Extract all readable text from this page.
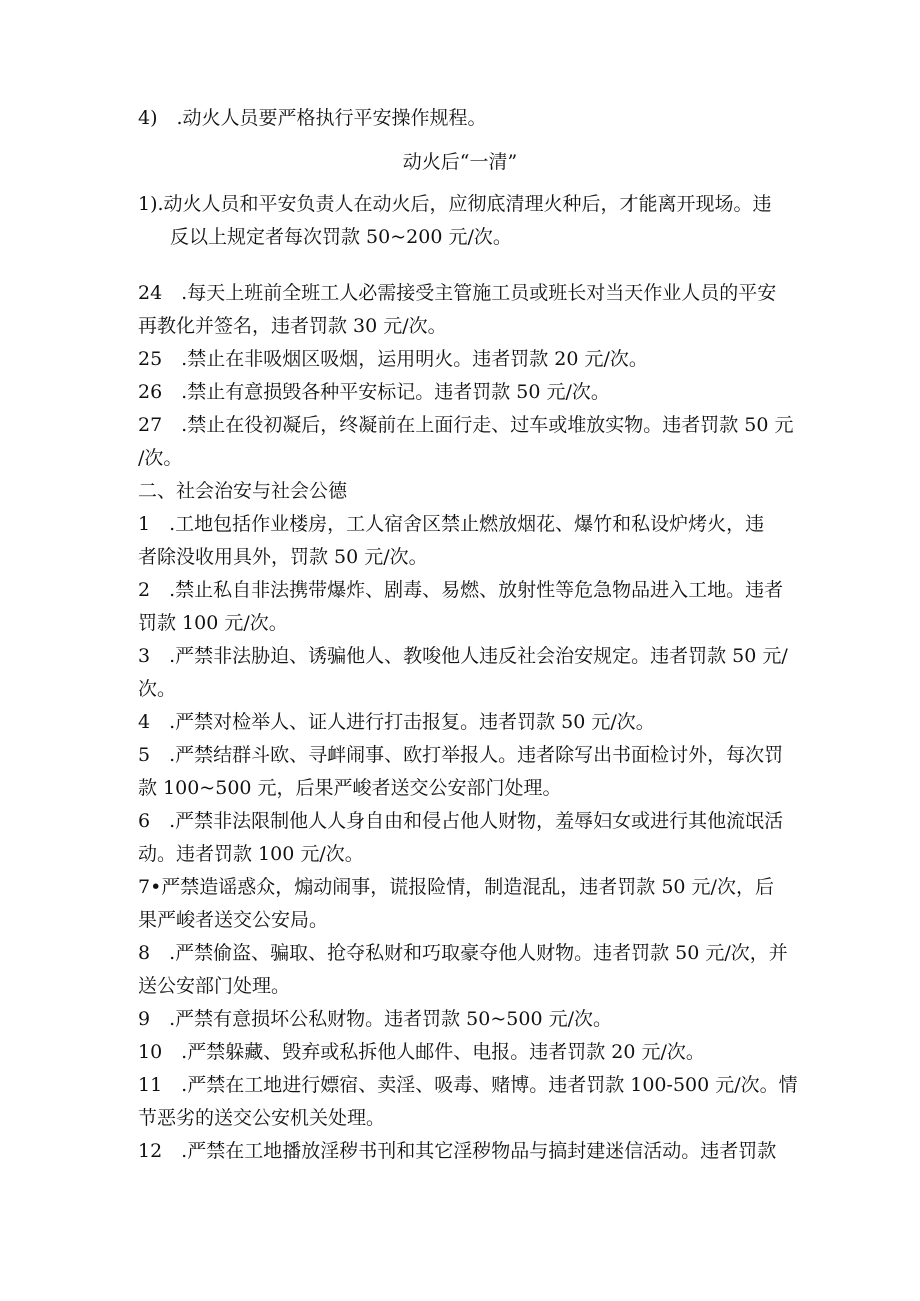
4)　.动火人员要严格执行平安操作规程。
动火后“一清”
1).动火人员和平安负责人在动火后，应彻底清理火种后，才能离开现场。违
反以上规定者每次罚款 50~200 元/次。
24　.每天上班前全班工人必需接受主管施工员或班长对当天作业人员的平安
再教化并签名，违者罚款 30 元/次。
25　.禁止在非吸烟区吸烟，运用明火。违者罚款 20 元/次。
26　.禁止有意损毁各种平安标记。违者罚款 50 元/次。
27　.禁止在役初凝后，终凝前在上面行走、过车或堆放实物。违者罚款 50 元
/次。
二、社会治安与社会公德
1　.工地包括作业楼房，工人宿舍区禁止燃放烟花、爆竹和私设炉烤火，违
者除没收用具外，罚款 50 元/次。
2　.禁止私自非法携带爆炸、剧毒、易燃、放射性等危急物品进入工地。违者
罚款 100 元/次。
3　.严禁非法胁迫、诱骗他人、教唆他人违反社会治安规定。违者罚款 50 元/
次。
4　.严禁对检举人、证人进行打击报复。违者罚款 50 元/次。
5　.严禁结群斗欧、寻衅闹事、欧打举报人。违者除写出书面检讨外，每次罚
款 100~500 元，后果严峻者送交公安部门处理。
6　.严禁非法限制他人人身自由和侵占他人财物，羞辱妇女或进行其他流氓活
动。违者罚款 100 元/次。
7•严禁造谣惑众，煽动闹事，谎报险情，制造混乱，违者罚款 50 元/次，后
果严峻者送交公安局。
8　.严禁偷盗、骗取、抢夺私财和巧取豪夺他人财物。违者罚款 50 元/次，并
送公安部门处理。
9　.严禁有意损坏公私财物。违者罚款 50~500 元/次。
10　.严禁躲藏、毁弃或私拆他人邮件、电报。违者罚款 20 元/次。
11　.严禁在工地进行嫖宿、卖淫、吸毒、赌博。违者罚款 100-500 元/次。情
节恶劣的送交公安机关处理。
12　.严禁在工地播放淫秽书刊和其它淫秽物品与搞封建迷信活动。违者罚款
